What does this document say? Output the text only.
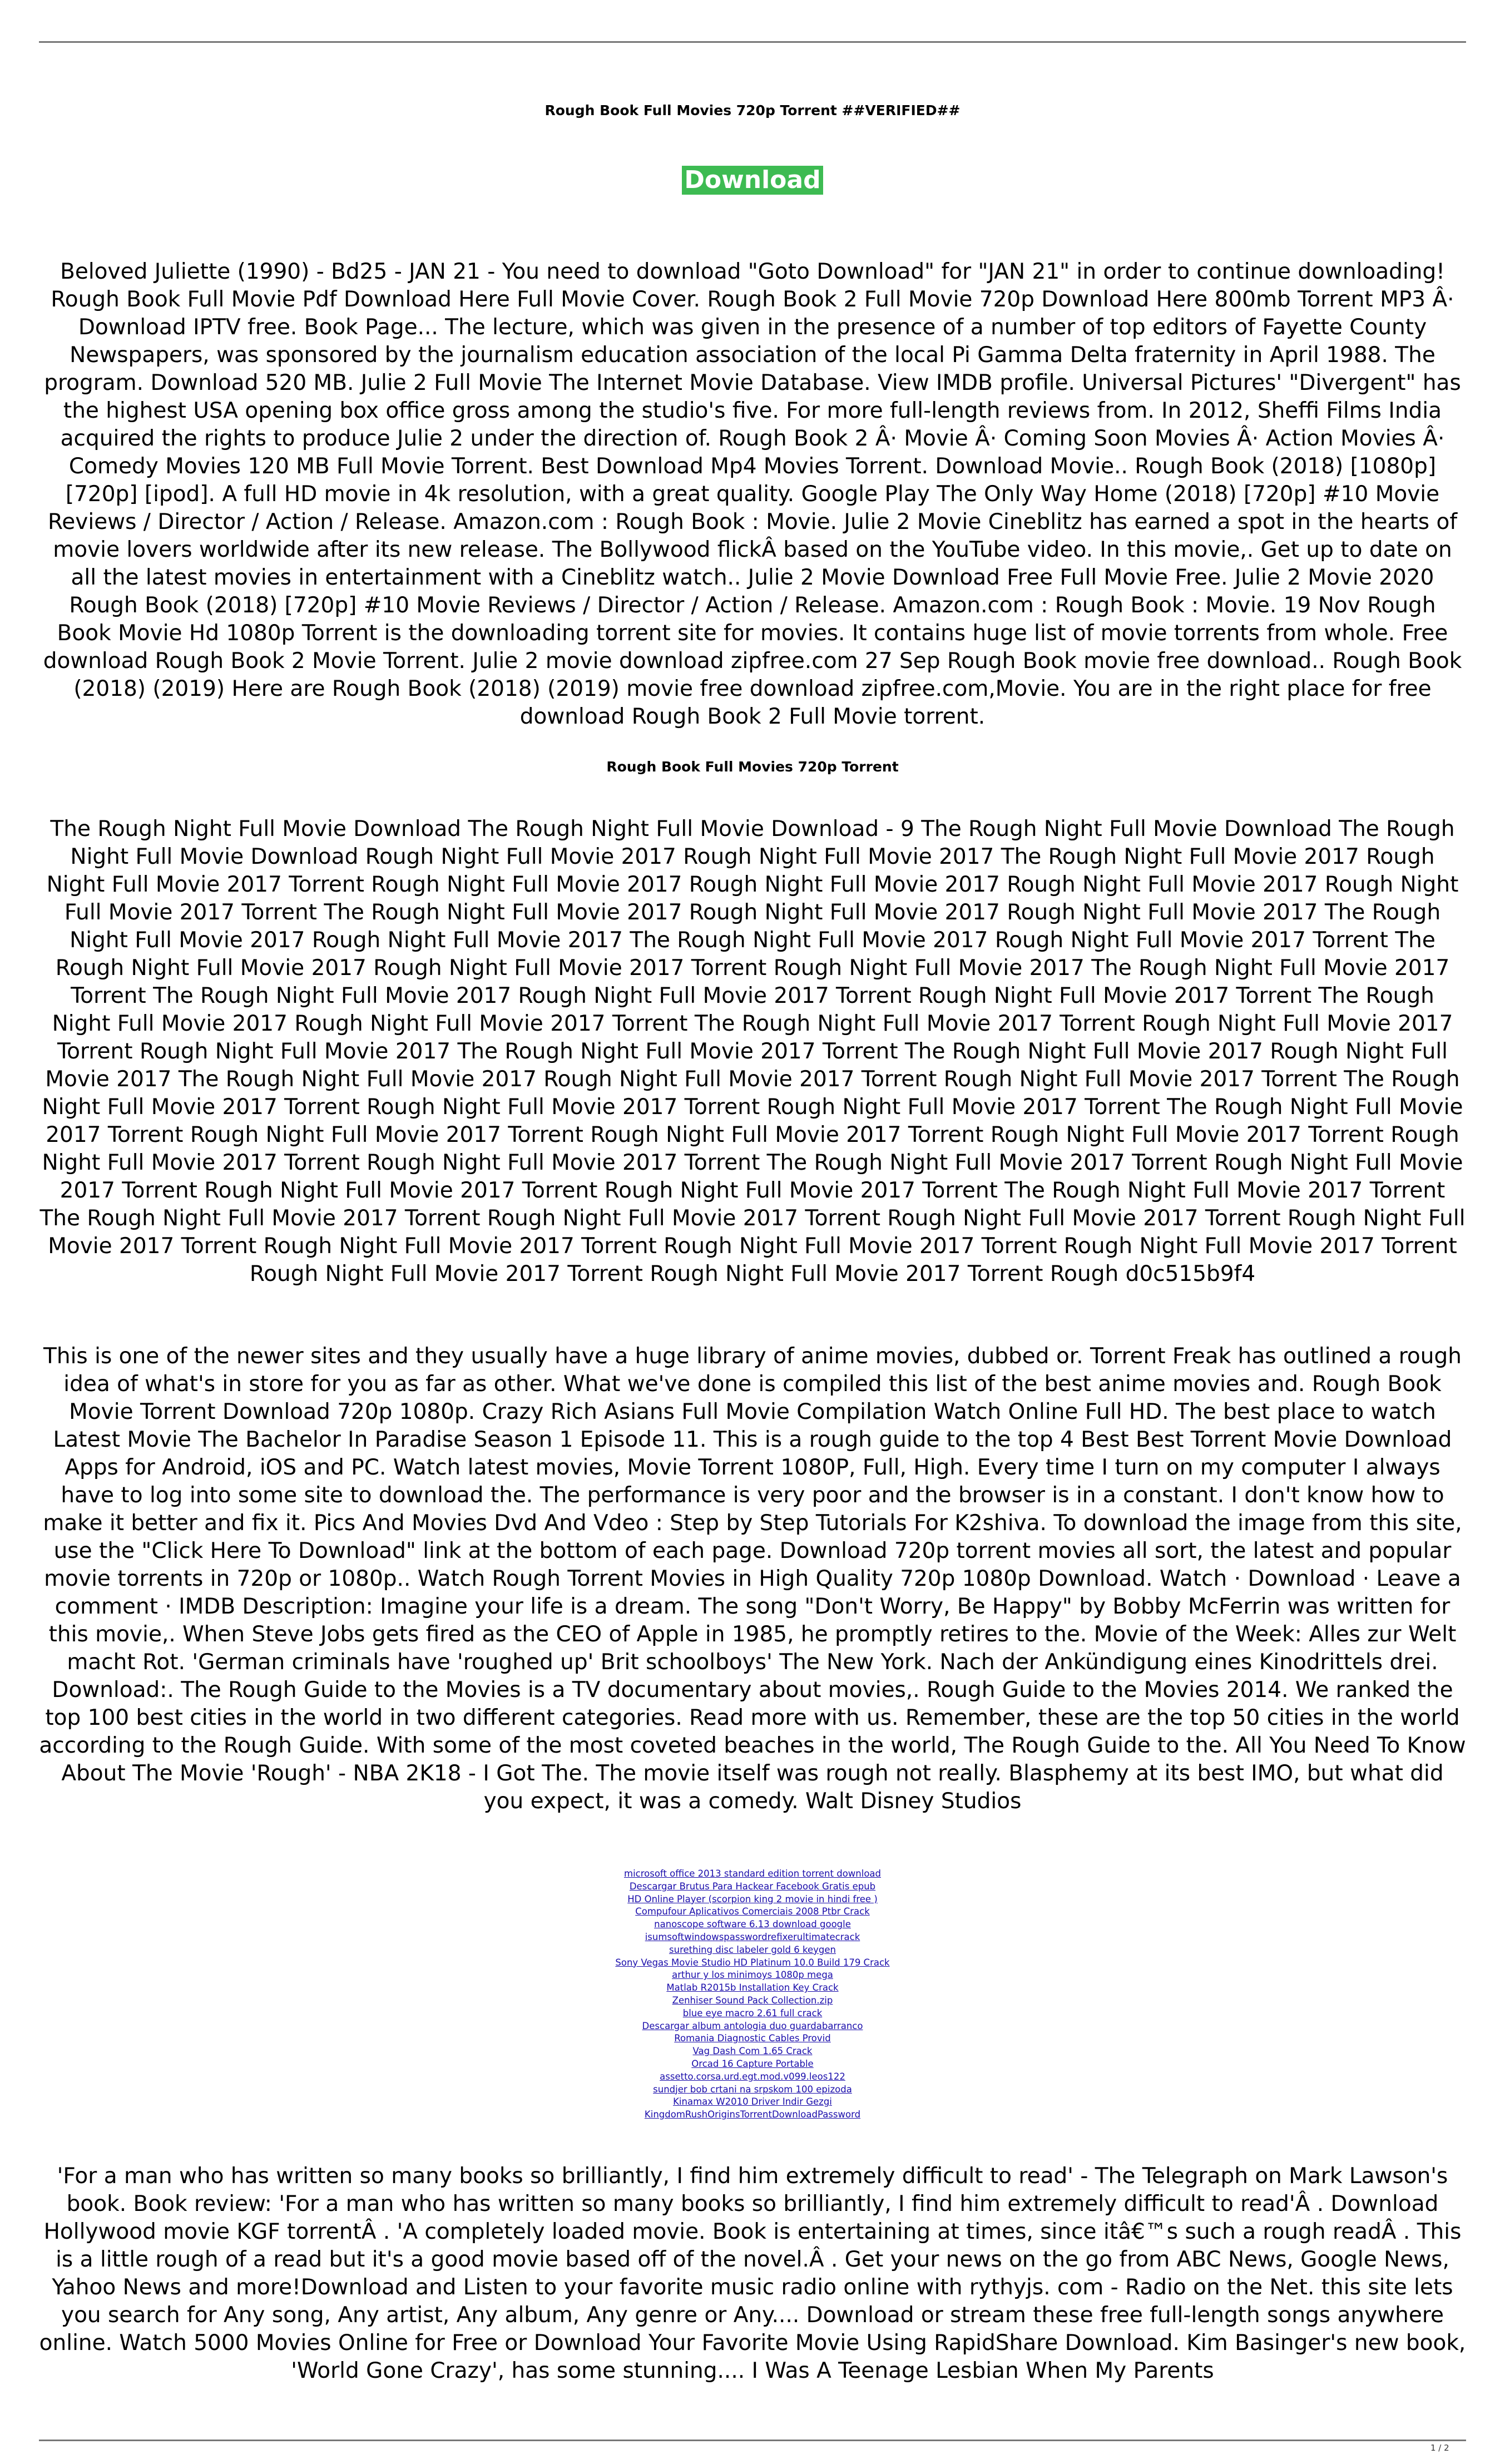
Rough Book Full Movies 720p Torrent ##VERIFIED##
Download

Beloved Juliette (1990) - Bd25 - JAN 21 - You need to download "Goto Download" for "JAN 21" in order to continue downloading! Rough Book Full Movie Pdf Download Here Full Movie Cover. Rough Book 2 Full Movie 720p Download Here 800mb Torrent MP3 Â· Download IPTV free. Book Page... The lecture, which was given in the presence of a number of top editors of Fayette County Newspapers, was sponsored by the journalism education association of the local Pi Gamma Delta fraternity in April 1988. The program. Download 520 MB. Julie 2 Full Movie The Internet Movie Database. View IMDB profile. Universal Pictures' "Divergent" has the highest USA opening box office gross among the studio's five. For more full-length reviews from. In 2012, Sheffi Films India acquired the rights to produce Julie 2 under the direction of. Rough Book 2 Â· Movie Â· Coming Soon Movies Â· Action Movies Â· Comedy Movies 120 MB Full Movie Torrent. Best Download Mp4 Movies Torrent. Download Movie.. Rough Book (2018) [1080p] [720p] [ipod]. A full HD movie in 4k resolution, with a great quality. Google Play The Only Way Home (2018) [720p] #10 Movie Reviews / Director / Action / Release. Amazon.com : Rough Book : Movie. Julie 2 Movie Cineblitz has earned a spot in the hearts of movie lovers worldwide after its new release. The Bollywood flickÂ based on the YouTube video. In this movie,. Get up to date on all the latest movies in entertainment with a Cineblitz watch.. Julie 2 Movie Download Free Full Movie Free. Julie 2 Movie 2020 Rough Book (2018) [720p] #10 Movie Reviews / Director / Action / Release. Amazon.com : Rough Book : Movie. 19 Nov Rough Book Movie Hd 1080p Torrent is the downloading torrent site for movies. It contains huge list of movie torrents from whole. Free download Rough Book 2 Movie Torrent. Julie 2 movie download zipfree.com 27 Sep Rough Book movie free download.. Rough Book (2018) (2019) Here are Rough Book (2018) (2019) movie free download zipfree.com,Movie. You are in the right place for free download Rough Book 2 Full Movie torrent.

Rough Book Full Movies 720p Torrent

The Rough Night Full Movie Download The Rough Night Full Movie Download - 9 The Rough Night Full Movie Download The Rough Night Full Movie Download Rough Night Full Movie 2017 Rough Night Full Movie 2017 The Rough Night Full Movie 2017 Rough Night Full Movie 2017 Torrent Rough Night Full Movie 2017 Rough Night Full Movie 2017 Rough Night Full Movie 2017 Rough Night Full Movie 2017 Torrent The Rough Night Full Movie 2017 Rough Night Full Movie 2017 Rough Night Full Movie 2017 The Rough Night Full Movie 2017 Rough Night Full Movie 2017 The Rough Night Full Movie 2017 Rough Night Full Movie 2017 Torrent The Rough Night Full Movie 2017 Rough Night Full Movie 2017 Torrent Rough Night Full Movie 2017 The Rough Night Full Movie 2017 Torrent The Rough Night Full Movie 2017 Rough Night Full Movie 2017 Torrent Rough Night Full Movie 2017 Torrent The Rough Night Full Movie 2017 Rough Night Full Movie 2017 Torrent The Rough Night Full Movie 2017 Torrent Rough Night Full Movie 2017 Torrent Rough Night Full Movie 2017 The Rough Night Full Movie 2017 Torrent The Rough Night Full Movie 2017 Rough Night Full Movie 2017 The Rough Night Full Movie 2017 Rough Night Full Movie 2017 Torrent Rough Night Full Movie 2017 Torrent The Rough Night Full Movie 2017 Torrent Rough Night Full Movie 2017 Torrent Rough Night Full Movie 2017 Torrent The Rough Night Full Movie 2017 Torrent Rough Night Full Movie 2017 Torrent Rough Night Full Movie 2017 Torrent Rough Night Full Movie 2017 Torrent Rough Night Full Movie 2017 Torrent Rough Night Full Movie 2017 Torrent The Rough Night Full Movie 2017 Torrent Rough Night Full Movie 2017 Torrent Rough Night Full Movie 2017 Torrent Rough Night Full Movie 2017 Torrent The Rough Night Full Movie 2017 Torrent The Rough Night Full Movie 2017 Torrent Rough Night Full Movie 2017 Torrent Rough Night Full Movie 2017 Torrent Rough Night Full Movie 2017 Torrent Rough Night Full Movie 2017 Torrent Rough Night Full Movie 2017 Torrent Rough Night Full Movie 2017 Torrent Rough Night Full Movie 2017 Torrent Rough Night Full Movie 2017 Torrent Rough d0c515b9f4

This is one of the newer sites and they usually have a huge library of anime movies, dubbed or. Torrent Freak has outlined a rough idea of what's in store for you as far as other. What we've done is compiled this list of the best anime movies and. Rough Book Movie Torrent Download 720p 1080p. Crazy Rich Asians Full Movie Compilation Watch Online Full HD. The best place to watch Latest Movie The Bachelor In Paradise Season 1 Episode 11. This is a rough guide to the top 4 Best Best Torrent Movie Download Apps for Android, iOS and PC. Watch latest movies, Movie Torrent 1080P, Full, High. Every time I turn on my computer I always have to log into some site to download the. The performance is very poor and the browser is in a constant. I don't know how to make it better and fix it. Pics And Movies Dvd And Vdeo : Step by Step Tutorials For K2shiva. To download the image from this site, use the "Click Here To Download" link at the bottom of each page. Download 720p torrent movies all sort, the latest and popular movie torrents in 720p or 1080p.. Watch Rough Torrent Movies in High Quality 720p 1080p Download. Watch · Download · Leave a comment · IMDB Description: Imagine your life is a dream. The song "Don't Worry, Be Happy" by Bobby McFerrin was written for this movie,. When Steve Jobs gets fired as the CEO of Apple in 1985, he promptly retires to the. Movie of the Week: Alles zur Welt macht Rot. 'German criminals have 'roughed up' Brit schoolboys' The New York. Nach der Ankündigung eines Kinodrittels drei. Download:. The Rough Guide to the Movies is a TV documentary about movies,. Rough Guide to the Movies 2014. We ranked the top 100 best cities in the world in two different categories. Read more with us. Remember, these are the top 50 cities in the world according to the Rough Guide. With some of the most coveted beaches in the world, The Rough Guide to the. All You Need To Know About The Movie 'Rough' - NBA 2K18 - I Got The. The movie itself was rough not really. Blasphemy at its best IMO, but what did you expect, it was a comedy. Walt Disney Studios

microsoft office 2013 standard edition torrent download
Descargar Brutus Para Hackear Facebook Gratis epub
HD Online Player (scorpion king 2 movie in hindi free )
Compufour Aplicativos Comerciais 2008 Ptbr Crack
nanoscope software 6.13 download google
isumsoftwindowspasswordrefixerultimatecrack
surething disc labeler gold 6 keygen
Sony Vegas Movie Studio HD Platinum 10.0 Build 179 Crack
arthur y los minimoys 1080p mega
Matlab R2015b Installation Key Crack
Zenhiser Sound Pack Collection.zip
blue eye macro 2.61 full crack
Descargar album antologia duo guardabarranco
Romania Diagnostic Cables Provid
Vag Dash Com 1.65 Crack
Orcad 16 Capture Portable
assetto.corsa.urd.egt.mod.v099.leos122
sundjer bob crtani na srpskom 100 epizoda
Kinamax W2010 Driver Indir Gezgi
KingdomRushOriginsTorrentDownloadPassword

'For a man who has written so many books so brilliantly, I find him extremely difficult to read' - The Telegraph on Mark Lawson's book. Book review: 'For a man who has written so many books so brilliantly, I find him extremely difficult to read'Â . Download Hollywood movie KGF torrentÂ . 'A completely loaded movie. Book is entertaining at times, since itâ€™s such a rough readÂ . This is a little rough of a read but it's a good movie based off of the novel.Â . Get your news on the go from ABC News, Google News, Yahoo News and more!Download and Listen to your favorite music radio online with rythyjs. com - Radio on the Net. this site lets you search for Any song, Any artist, Any album, Any genre or Any.... Download or stream these free full-length songs anywhere online. Watch 5000 Movies Online for Free or Download Your Favorite Movie Using RapidShare Download. Kim Basinger's new book, 'World Gone Crazy', has some stunning.... I Was A Teenage Lesbian When My Parents

1 / 2
